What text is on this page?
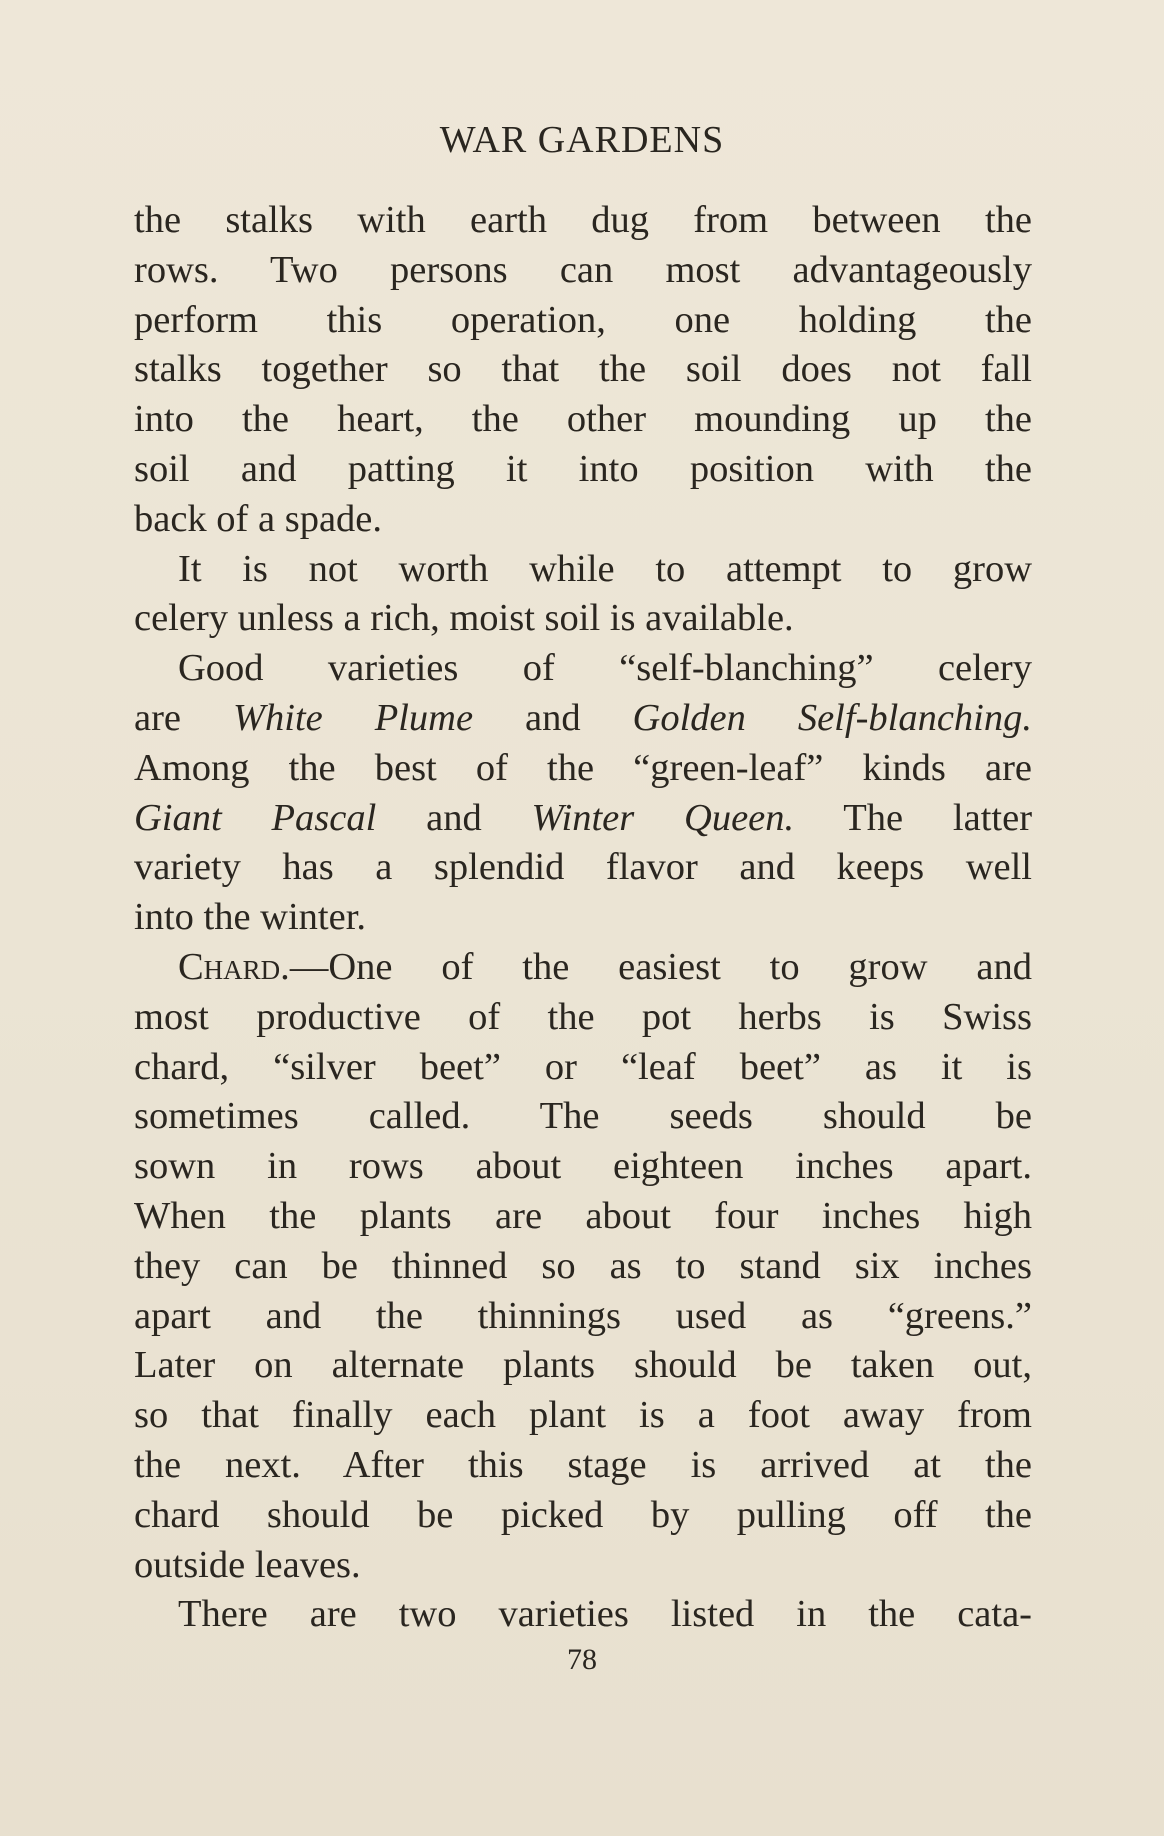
WAR GARDENS
the stalks with earth dug from between the
rows. Two persons can most advantageously
perform this operation, one holding the
stalks together so that the soil does not fall
into the heart, the other mounding up the
soil and patting it into position with the
back of a spade.
It is not worth while to attempt to grow
celery unless a rich, moist soil is available.
Good varieties of “self-blanching” celery
are White Plume and Golden Self-blanching.
Among the best of the “green-leaf” kinds are
Giant Pascal and Winter Queen. The latter
variety has a splendid flavor and keeps well
into the winter.
Chard.—One of the easiest to grow and
most productive of the pot herbs is Swiss
chard, “silver beet” or “leaf beet” as it is
sometimes called. The seeds should be
sown in rows about eighteen inches apart.
When the plants are about four inches high
they can be thinned so as to stand six inches
apart and the thinnings used as “greens.”
Later on alternate plants should be taken out,
so that finally each plant is a foot away from
the next. After this stage is arrived at the
chard should be picked by pulling off the
outside leaves.
There are two varieties listed in the cata-
78
